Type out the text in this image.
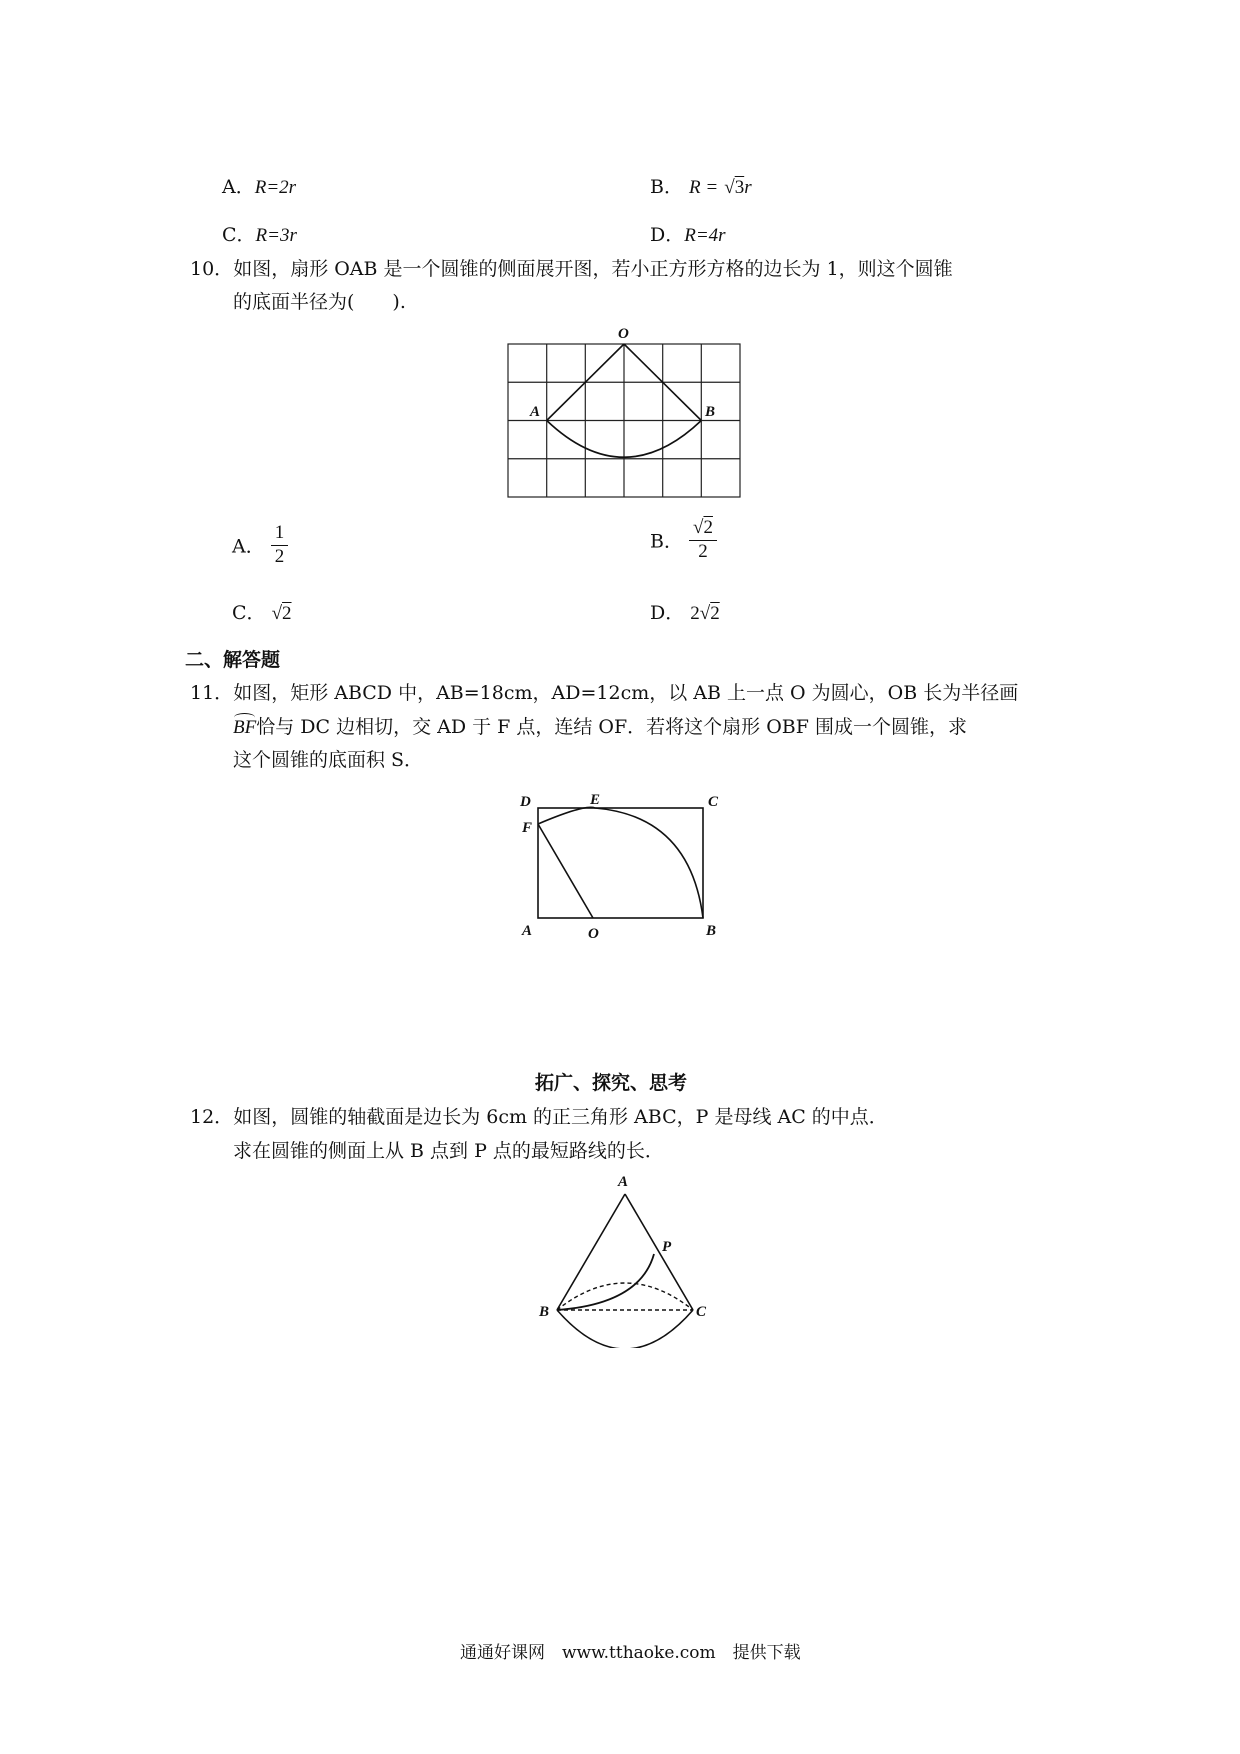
A．R=2r	B． R = √3r
C．R=3r	D．R=4r
10．如图，扇形 OAB 是一个圆锥的侧面展开图，若小正方形方格的边长为 1，则这个圆锥
的底面半径为(　　).
O
A	B
A． $\frac{1}{2}$	B． $\frac{√2}{2}$
C． √2	D． 2√2
二、解答题
11．如图，矩形 ABCD 中，AB=18cm，AD=12cm，以 AB 上一点 O 为圆心，OB 长为半径画
BF恰与 DC 边相切，交 AD 于 F 点，连结 OF．若将这个扇形 OBF 围成一个圆锥，求
这个圆锥的底面积 S．
D	E	C
F
A	O	B
拓广、探究、思考
12．如图，圆锥的轴截面是边长为 6cm 的正三角形 ABC，P 是母线 AC 的中点．
求在圆锥的侧面上从 B 点到 P 点的最短路线的长．
A
P
B	C
通通好课网　www.tthaoke.com　提供下载
